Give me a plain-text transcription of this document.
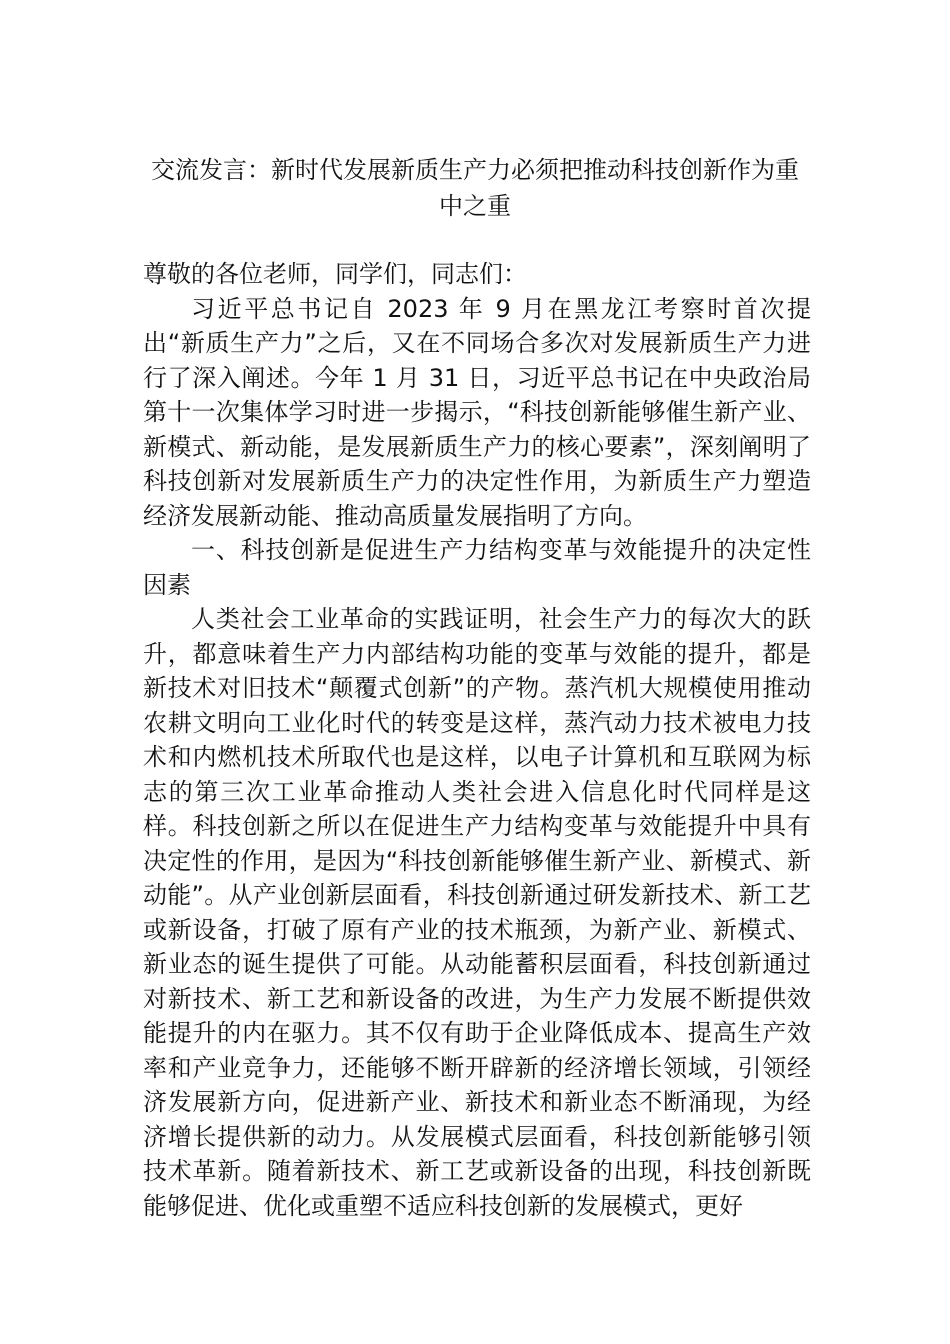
交流发言：新时代发展新质生产力必须把推动科技创新作为重中之重

尊敬的各位老师，同学们，同志们：

习近平总书记自 2023 年 9 月在黑龙江考察时首次提出“新质生产力”之后，又在不同场合多次对发展新质生产力进行了深入阐述。今年 1 月 31 日，习近平总书记在中央政治局第十一次集体学习时进一步揭示，“科技创新能够催生新产业、新模式、新动能，是发展新质生产力的核心要素”，深刻阐明了科技创新对发展新质生产力的决定性作用，为新质生产力塑造经济发展新动能、推动高质量发展指明了方向。

一、科技创新是促进生产力结构变革与效能提升的决定性因素

人类社会工业革命的实践证明，社会生产力的每次大的跃升，都意味着生产力内部结构功能的变革与效能的提升，都是新技术对旧技术“颠覆式创新”的产物。蒸汽机大规模使用推动农耕文明向工业化时代的转变是这样，蒸汽动力技术被电力技术和内燃机技术所取代也是这样，以电子计算机和互联网为标志的第三次工业革命推动人类社会进入信息化时代同样是这样。科技创新之所以在促进生产力结构变革与效能提升中具有决定性的作用，是因为“科技创新能够催生新产业、新模式、新动能”。从产业创新层面看，科技创新通过研发新技术、新工艺或新设备，打破了原有产业的技术瓶颈，为新产业、新模式、新业态的诞生提供了可能。从动能蓄积层面看，科技创新通过对新技术、新工艺和新设备的改进，为生产力发展不断提供效能提升的内在驱力。其不仅有助于企业降低成本、提高生产效率和产业竞争力，还能够不断开辟新的经济增长领域，引领经济发展新方向，促进新产业、新技术和新业态不断涌现，为经济增长提供新的动力。从发展模式层面看，科技创新能够引领技术革新。随着新技术、新工艺或新设备的出现，科技创新既能够促进、优化或重塑不适应科技创新的发展模式，更好
